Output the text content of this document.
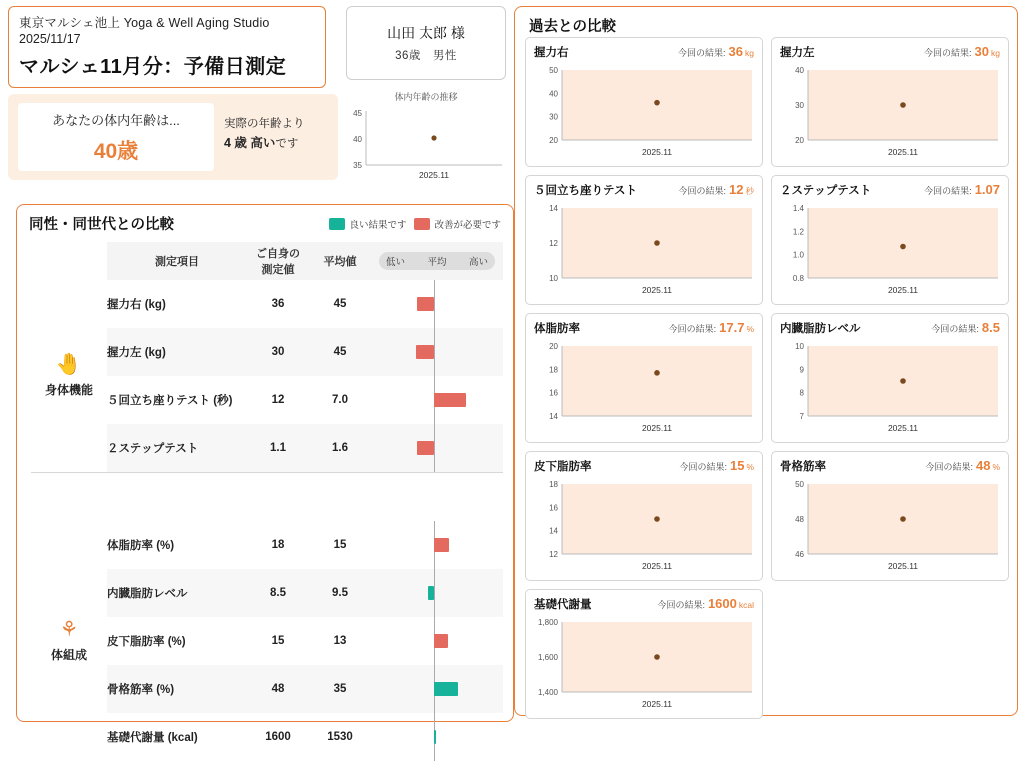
東京マルシェ池上 Yoga & Well Aging Studio
2025/11/17
マルシェ11月分：予備日測定
山田 太郎 様
36歳　男性
あなたの体内年齢は...
40歳
実際の年齢より
4 歳 高いです
体内年齢の推移
45
40
35
2025.11
同性・同世代との比較	良い結果です	改善が必要です
	測定項目	
ご自身の
測定値
	平均値	低い 平均 高い

🤚
身体機能	握力右 (kg)	36	45	

	握力左 (kg)	30	45	

	５回立ち座りテスト (秒)	12	7.0	

	２ステップテスト	1.1	1.6	

⚘
体組成	体脂肪率 (%)	18	15	

	内臓脂肪レベル	8.5	9.5	

	皮下脂肪率 (%)	15	13	

	骨格筋率 (%)	48	35	

	基礎代謝量 (kcal)	1600	1530	
過去との比較
握力右	今回の結果: 36 kg
50
40
30
20
2025.11
握力左	今回の結果: 30 kg
40
30
20
2025.11
５回立ち座りテスト	今回の結果: 12 秒
14
12
10
2025.11
２ステップテスト	今回の結果: 1.07
1.4
1.2
1.0
0.8
2025.11
体脂肪率	今回の結果: 17.7 %
20
18
16
14
2025.11
内臓脂肪レベル	今回の結果: 8.5
10
9
8
7
2025.11
皮下脂肪率	今回の結果: 15 %
18
16
14
12
2025.11
骨格筋率	今回の結果: 48 %
50
48
46
2025.11
基礎代謝量	今回の結果: 1600 kcal
1,800
1,600
1,400
2025.11
